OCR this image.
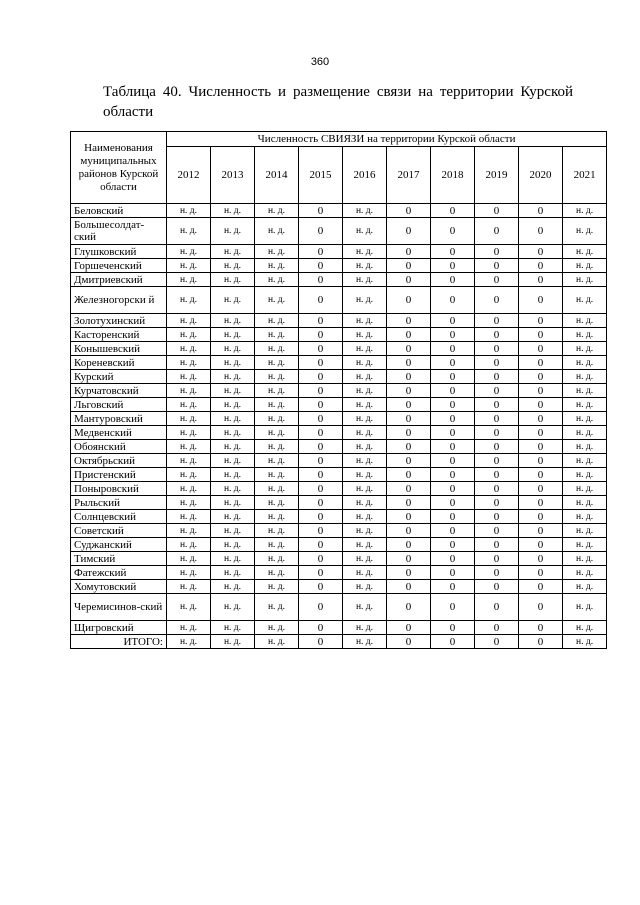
360
Таблица 40. Численность и размещение связи на территории Курской области
Наименования муниципальных районов Курской области	Численность СВИЯЗИ на территории Курской области									
	2012	2013	2014	2015	2016	2017	2018	2019	2020	2021
Беловский	н. д.	н. д.	н. д.	0	н. д.	0	0	0	0	н. д.
Большесолдат-ский	н. д.	н. д.	н. д.	0	н. д.	0	0	0	0	н. д.
Глушковский	н. д.	н. д.	н. д.	0	н. д.	0	0	0	0	н. д.
Горшеченский	н. д.	н. д.	н. д.	0	н. д.	0	0	0	0	н. д.
Дмитриевский	н. д.	н. д.	н. д.	0	н. д.	0	0	0	0	н. д.
Железногорски й	н. д.	н. д.	н. д.	0	н. д.	0	0	0	0	н. д.
Золотухинский	н. д.	н. д.	н. д.	0	н. д.	0	0	0	0	н. д.
Касторенский	н. д.	н. д.	н. д.	0	н. д.	0	0	0	0	н. д.
Конышевский	н. д.	н. д.	н. д.	0	н. д.	0	0	0	0	н. д.
Кореневский	н. д.	н. д.	н. д.	0	н. д.	0	0	0	0	н. д.
Курский	н. д.	н. д.	н. д.	0	н. д.	0	0	0	0	н. д.
Курчатовский	н. д.	н. д.	н. д.	0	н. д.	0	0	0	0	н. д.
Льговский	н. д.	н. д.	н. д.	0	н. д.	0	0	0	0	н. д.
Мантуровский	н. д.	н. д.	н. д.	0	н. д.	0	0	0	0	н. д.
Медвенский	н. д.	н. д.	н. д.	0	н. д.	0	0	0	0	н. д.
Обоянский	н. д.	н. д.	н. д.	0	н. д.	0	0	0	0	н. д.
Октябрьский	н. д.	н. д.	н. д.	0	н. д.	0	0	0	0	н. д.
Пристенский	н. д.	н. д.	н. д.	0	н. д.	0	0	0	0	н. д.
Поныровский	н. д.	н. д.	н. д.	0	н. д.	0	0	0	0	н. д.
Рыльский	н. д.	н. д.	н. д.	0	н. д.	0	0	0	0	н. д.
Солнцевский	н. д.	н. д.	н. д.	0	н. д.	0	0	0	0	н. д.
Советский	н. д.	н. д.	н. д.	0	н. д.	0	0	0	0	н. д.
Суджанский	н. д.	н. д.	н. д.	0	н. д.	0	0	0	0	н. д.
Тимский	н. д.	н. д.	н. д.	0	н. д.	0	0	0	0	н. д.
Фатежский	н. д.	н. д.	н. д.	0	н. д.	0	0	0	0	н. д.
Хомутовский	н. д.	н. д.	н. д.	0	н. д.	0	0	0	0	н. д.
Черемисинов-ский	н. д.	н. д.	н. д.	0	н. д.	0	0	0	0	н. д.
Щигровский	н. д.	н. д.	н. д.	0	н. д.	0	0	0	0	н. д.
ИТОГО:	н. д.	н. д.	н. д.	0	н. д.	0	0	0	0	н. д.
